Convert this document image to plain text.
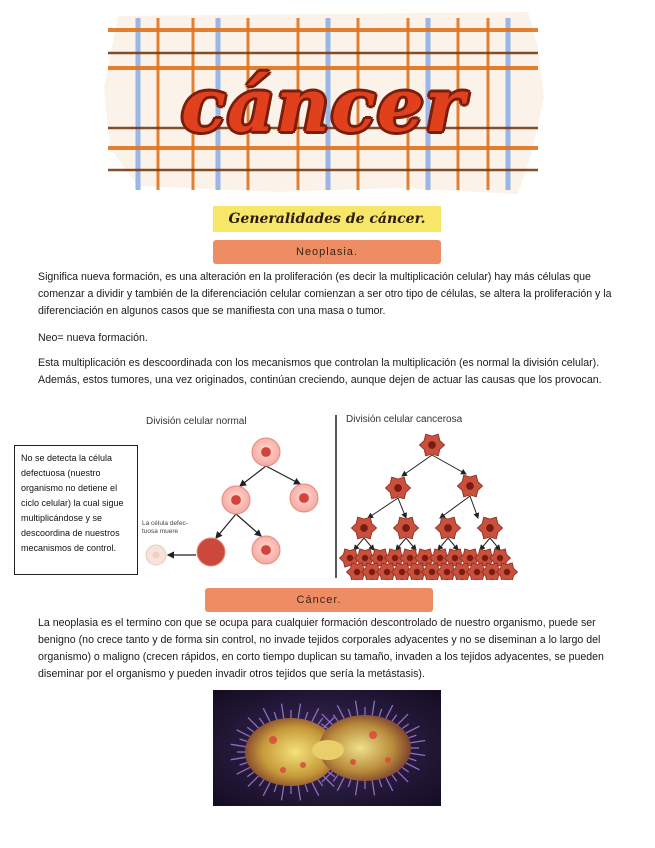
cáncer
Generalidades de cáncer.
Neoplasia.

Significa nueva formación, es una alteración en la proliferación (es decir la multiplicación celular) hay más células que comenzar a dividir y también de la diferenciación celular comienzan a ser otro tipo de células, se altera la proliferación y la diferenciación en algunos casos que se manifiesta con una masa o tumor.

Neo= nueva formación.

Esta multiplicación es descoordinada con los mecanismos que controlan la multiplicación (es normal la división celular). Además, estos tumores, una vez originados, continúan creciendo, aunque dejen de actuar las causas que los provocan.

División celular normal	División celular cancerosa
La célula defec-tuosa muere
No se detecta la célula defectuosa (nuestro organismo no detiene el ciclo celular) la cual sigue multiplicándose y se descoordina de nuestros mecanismos de control.
Cáncer.

La neoplasia es el termino con que se ocupa para cualquier formación descontrolado de nuestro organismo, puede ser benigno (no crece tanto y de forma sin control, no invade tejidos corporales adyacentes y no se diseminan a lo largo del organismo) o maligno (crecen rápidos, en corto tiempo duplican su tamaño, invaden a los tejidos adyacentes, se pueden diseminar por el organismo y pueden invadir otros tejidos que sería la metástasis).
